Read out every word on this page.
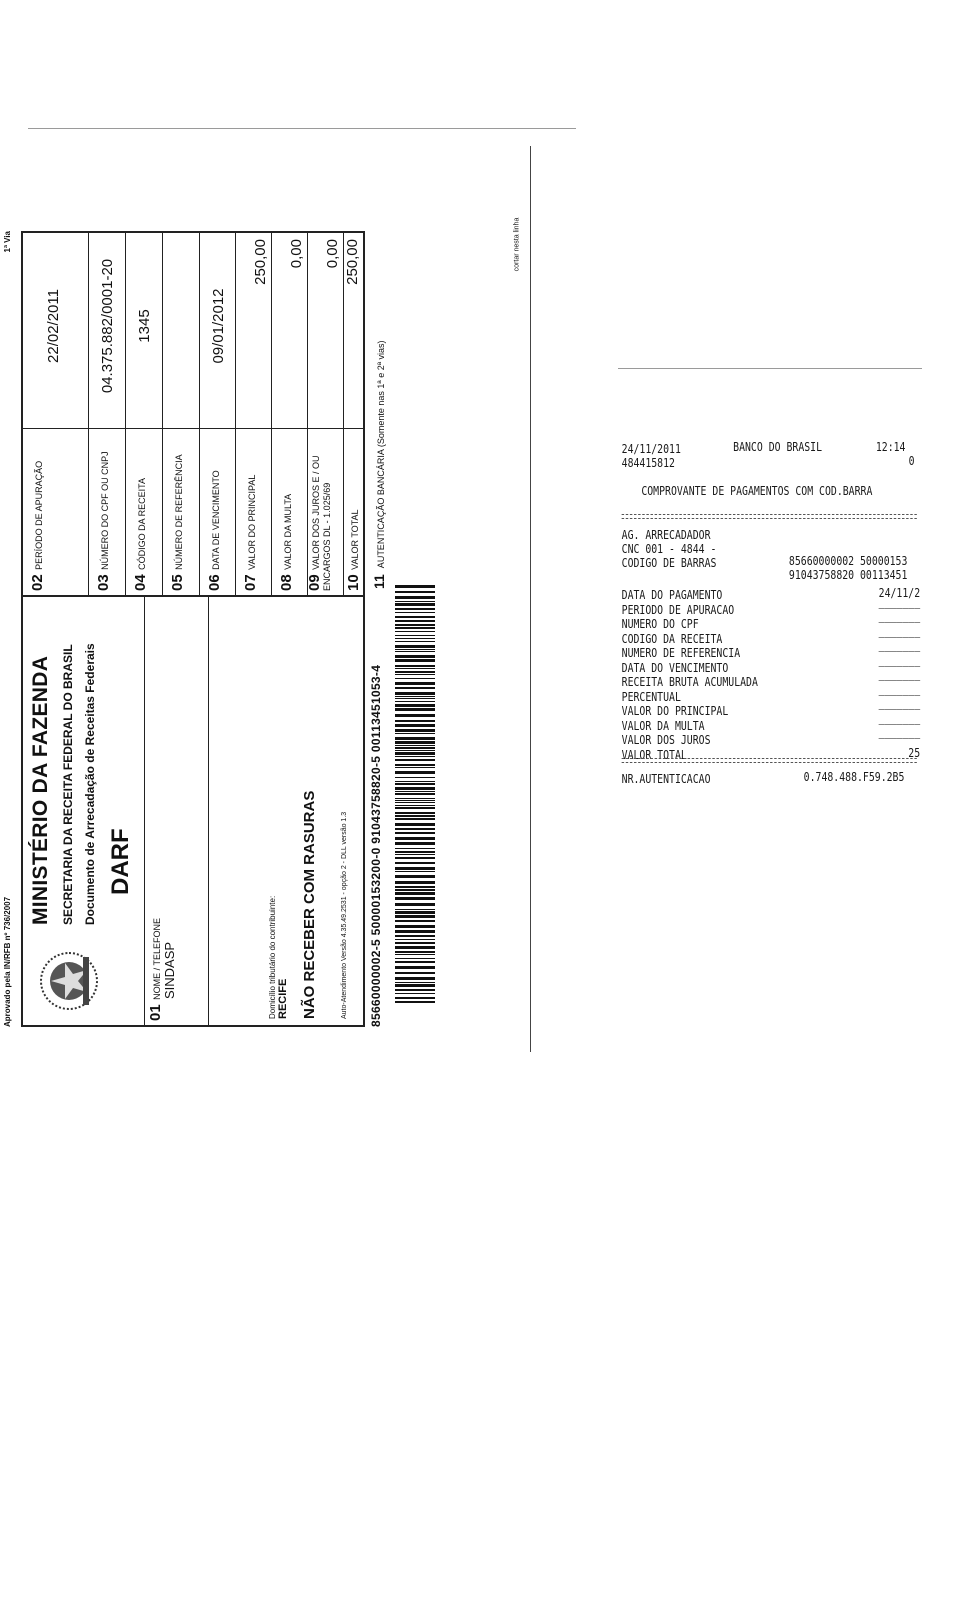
Aprovado pela IN/RFB nº 736/2007
1ª Via
MINISTÉRIO DA FAZENDA SECRETARIA DA RECEITA FEDERAL DO BRASIL Documento de Arrecadação de Receitas Federais DARF
01 NOME / TELEFONE SINDASP	Domicílio tributário do contribuinte: RECIFE NÃO RECEBER COM RASURAS	Auto-Atendimento Versão 4.35.49.2531 - opção 2 - DLL versão 1.3
02 PERÍODO DE APURAÇÃO
22/02/2011
03 NÚMERO DO CPF OU CNPJ
04.375.882/0001-20
04 CÓDIGO DA RECEITA
1345
05 NÚMERO DE REFERÊNCIA
06 DATA DE VENCIMENTO
09/01/2012
07 VALOR DO PRINCIPAL
250,00
08 VALOR DA MULTA
0,00
09 VALOR DOS JUROS E / OU ENCARGOS DL - 1.025/69
0,00
10 VALOR TOTAL
250,00
85660000002-5 50000153200-0 91043758820-5 00113451053-4
11AUTENTICAÇÃO BANCÁRIA (Somente nas 1ª e 2ª vias)
cortar nesta linha
24/11/2011	BANCO DO BRASIL	12:14
484415812	0
COMPROVANTE DE PAGAMENTOS COM COD.BARRA
AG. ARRECADADOR
CNC 001 - 4844 -
CODIGO DE BARRAS	85660000002 50000153
91043758820 00113451
DATA DO PAGAMENTO	24/11/2
PERIODO DE APURACAO	‒‒‒‒‒‒‒
NUMERO DO CPF	‒‒‒‒‒‒‒
CODIGO DA RECEITA	‒‒‒‒‒‒‒
NUMERO DE REFERENCIA	‒‒‒‒‒‒‒
DATA DO VENCIMENTO	‒‒‒‒‒‒‒
RECEITA BRUTA ACUMULADA	‒‒‒‒‒‒‒
PERCENTUAL	‒‒‒‒‒‒‒
VALOR DO PRINCIPAL	‒‒‒‒‒‒‒
VALOR DA MULTA	‒‒‒‒‒‒‒
VALOR DOS JUROS	‒‒‒‒‒‒‒
VALOR TOTAL	25
NR.AUTENTICACAO	0.748.488.F59.2B5
